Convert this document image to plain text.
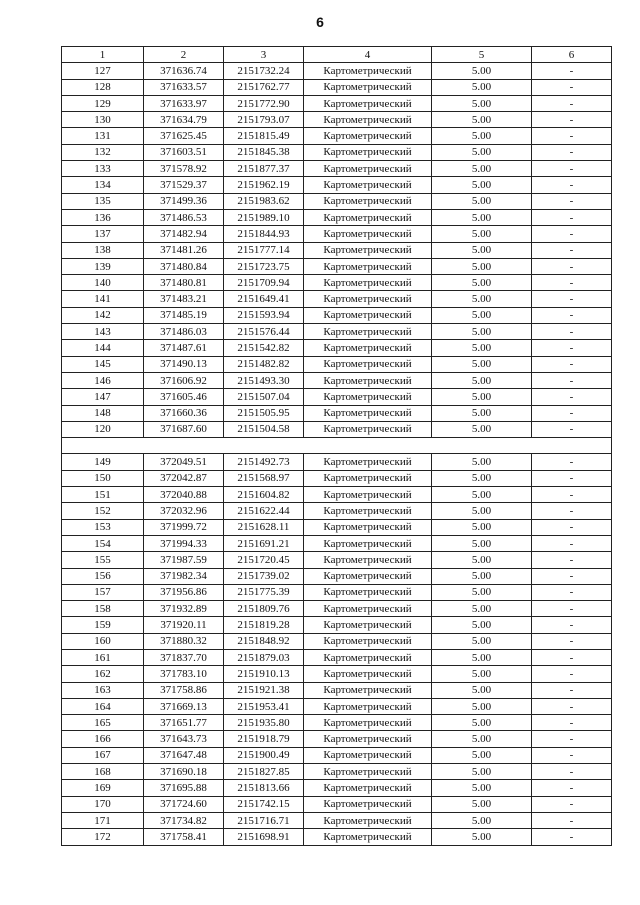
6
1	2	3	4	5	6
127	371636.74	2151732.24	Картометрический	5.00	-
128	371633.57	2151762.77	Картометрический	5.00	-
129	371633.97	2151772.90	Картометрический	5.00	-
130	371634.79	2151793.07	Картометрический	5.00	-
131	371625.45	2151815.49	Картометрический	5.00	-
132	371603.51	2151845.38	Картометрический	5.00	-
133	371578.92	2151877.37	Картометрический	5.00	-
134	371529.37	2151962.19	Картометрический	5.00	-
135	371499.36	2151983.62	Картометрический	5.00	-
136	371486.53	2151989.10	Картометрический	5.00	-
137	371482.94	2151844.93	Картометрический	5.00	-
138	371481.26	2151777.14	Картометрический	5.00	-
139	371480.84	2151723.75	Картометрический	5.00	-
140	371480.81	2151709.94	Картометрический	5.00	-
141	371483.21	2151649.41	Картометрический	5.00	-
142	371485.19	2151593.94	Картометрический	5.00	-
143	371486.03	2151576.44	Картометрический	5.00	-
144	371487.61	2151542.82	Картометрический	5.00	-
145	371490.13	2151482.82	Картометрический	5.00	-
146	371606.92	2151493.30	Картометрический	5.00	-
147	371605.46	2151507.04	Картометрический	5.00	-
148	371660.36	2151505.95	Картометрический	5.00	-
120	371687.60	2151504.58	Картометрический	5.00	-

149	372049.51	2151492.73	Картометрический	5.00	-
150	372042.87	2151568.97	Картометрический	5.00	-
151	372040.88	2151604.82	Картометрический	5.00	-
152	372032.96	2151622.44	Картометрический	5.00	-
153	371999.72	2151628.11	Картометрический	5.00	-
154	371994.33	2151691.21	Картометрический	5.00	-
155	371987.59	2151720.45	Картометрический	5.00	-
156	371982.34	2151739.02	Картометрический	5.00	-
157	371956.86	2151775.39	Картометрический	5.00	-
158	371932.89	2151809.76	Картометрический	5.00	-
159	371920.11	2151819.28	Картометрический	5.00	-
160	371880.32	2151848.92	Картометрический	5.00	-
161	371837.70	2151879.03	Картометрический	5.00	-
162	371783.10	2151910.13	Картометрический	5.00	-
163	371758.86	2151921.38	Картометрический	5.00	-
164	371669.13	2151953.41	Картометрический	5.00	-
165	371651.77	2151935.80	Картометрический	5.00	-
166	371643.73	2151918.79	Картометрический	5.00	-
167	371647.48	2151900.49	Картометрический	5.00	-
168	371690.18	2151827.85	Картометрический	5.00	-
169	371695.88	2151813.66	Картометрический	5.00	-
170	371724.60	2151742.15	Картометрический	5.00	-
171	371734.82	2151716.71	Картометрический	5.00	-
172	371758.41	2151698.91	Картометрический	5.00	-
